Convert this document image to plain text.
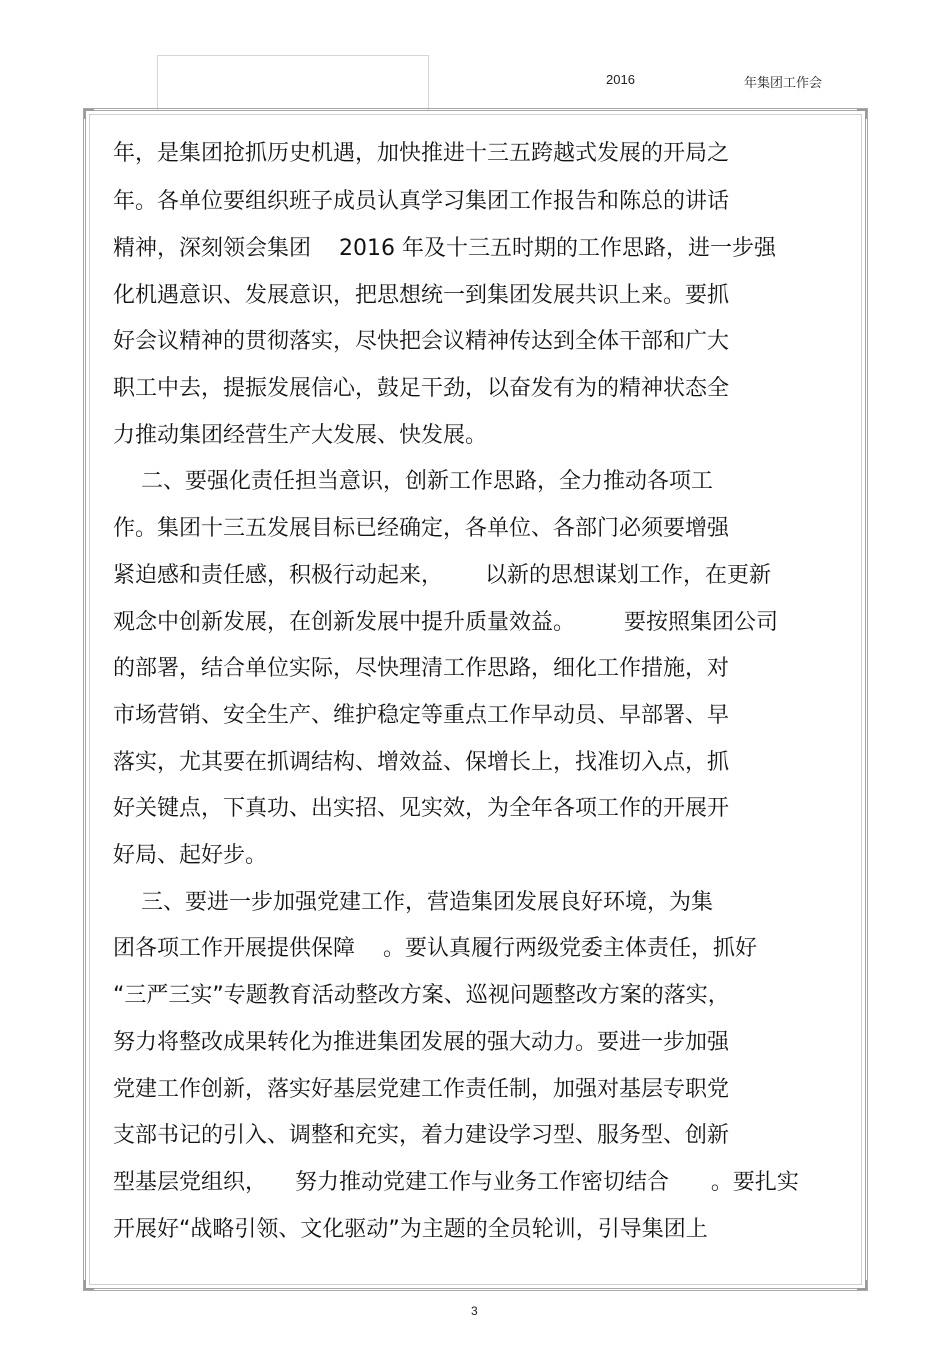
2016	年集团工作会
年，是集团抢抓历史机遇，加快推进十三五跨越式发展的开局之
年。各单位要组织班子成员认真学习集团工作报告和陈总的讲话
精神，深刻领会集团    2016 年及十三五时期的工作思路，进一步强
化机遇意识、发展意识，把思想统一到集团发展共识上来。要抓
好会议精神的贯彻落实，尽快把会议精神传达到全体干部和广大
职工中去，提振发展信心，鼓足干劲，以奋发有为的精神状态全
力推动集团经营生产大发展、快发展。
二、要强化责任担当意识，创新工作思路，全力推动各项工
作。集团十三五发展目标已经确定，各单位、各部门必须要增强
紧迫感和责任感，积极行动起来，      以新的思想谋划工作，在更新
观念中创新发展，在创新发展中提升质量效益。       要按照集团公司
的部署，结合单位实际，尽快理清工作思路，细化工作措施，对
市场营销、安全生产、维护稳定等重点工作早动员、早部署、早
落实，尤其要在抓调结构、增效益、保增长上，找准切入点，抓
好关键点，下真功、出实招、见实效，为全年各项工作的开展开
好局、起好步。
三、要进一步加强党建工作，营造集团发展良好环境，为集
团各项工作开展提供保障    。要认真履行两级党委主体责任，抓好
“三严三实”专题教育活动整改方案、巡视问题整改方案的落实，
努力将整改成果转化为推进集团发展的强大动力。要进一步加强
党建工作创新，落实好基层党建工作责任制，加强对基层专职党
支部书记的引入、调整和充实，着力建设学习型、服务型、创新
型基层党组织，    努力推动党建工作与业务工作密切结合      。要扎实
开展好“战略引领、文化驱动”为主题的全员轮训，引导集团上
3
